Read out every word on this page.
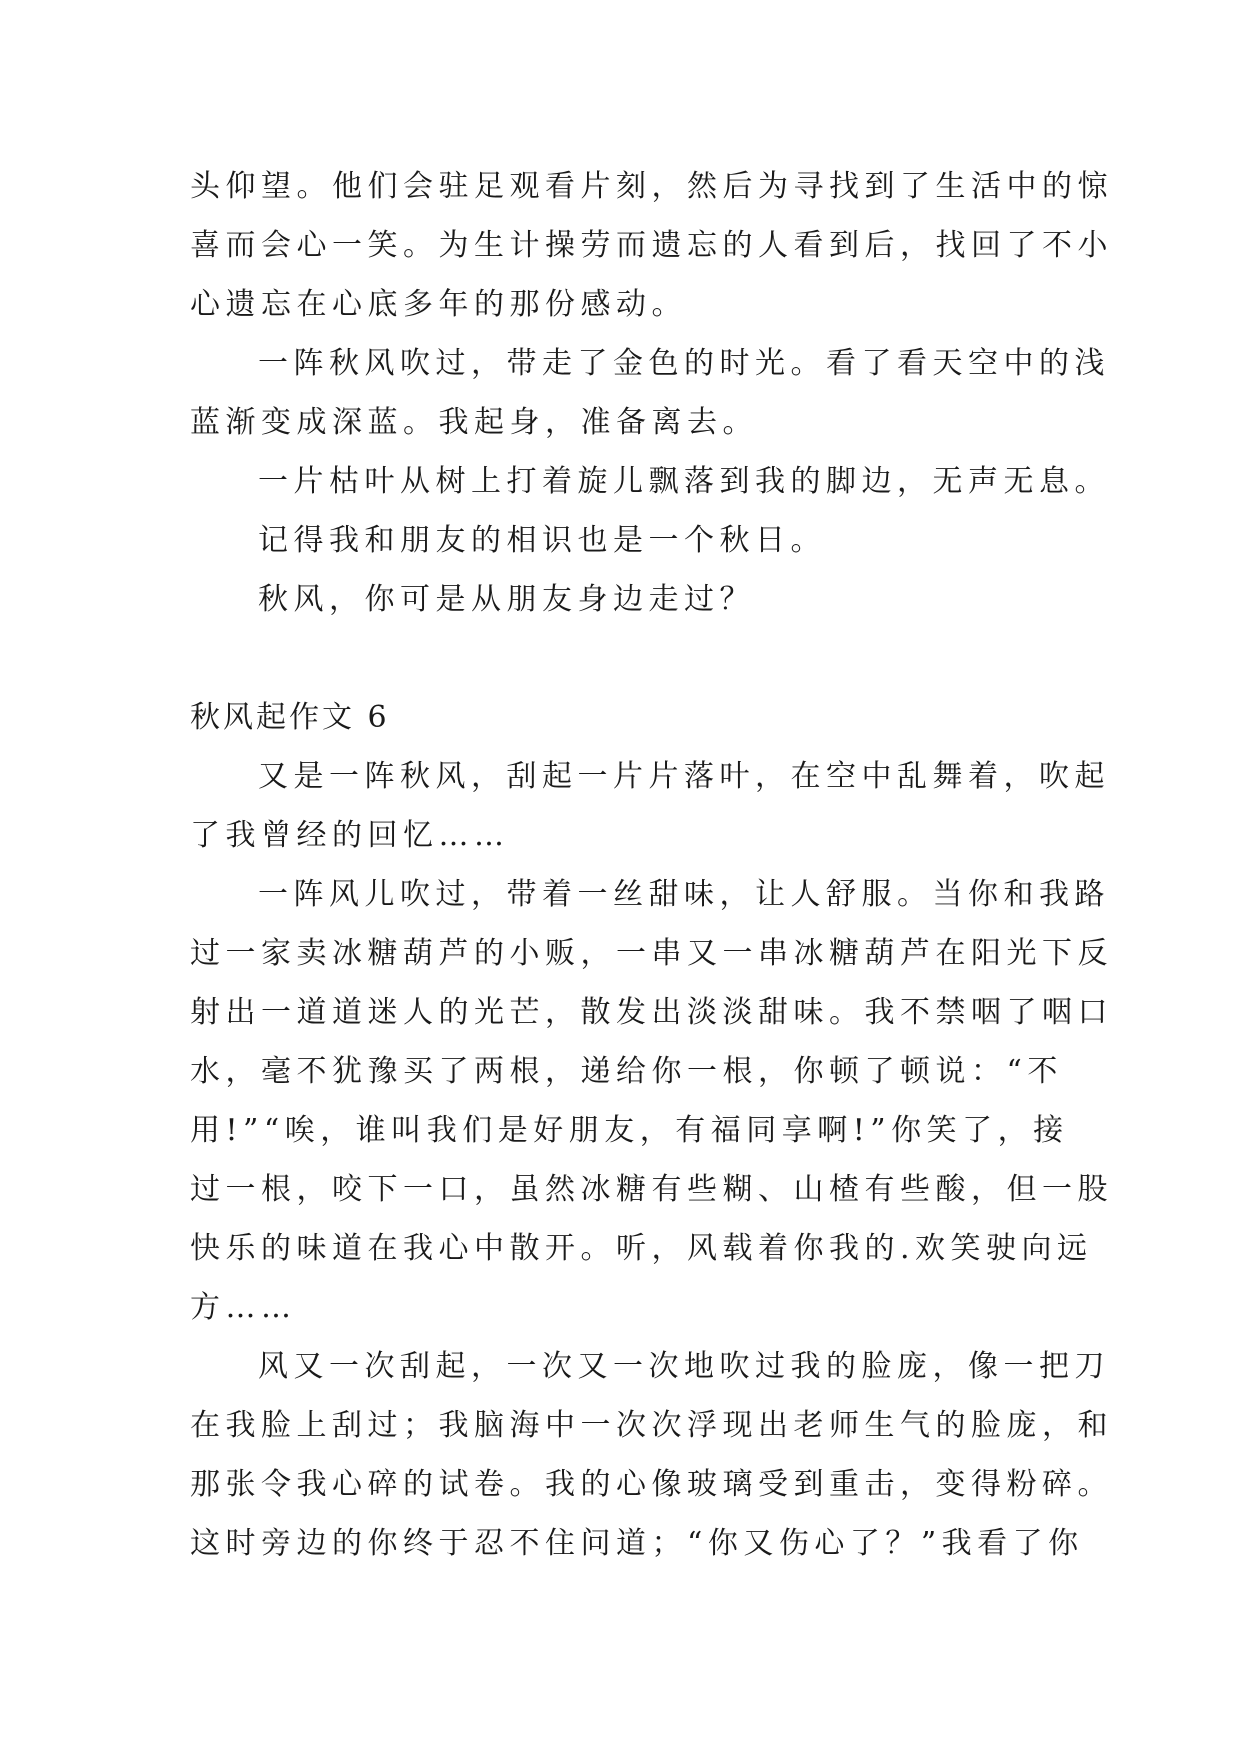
头仰望。他们会驻足观看片刻，然后为寻找到了生活中的惊
喜而会心一笑。为生计操劳而遗忘的人看到后，找回了不小
心遗忘在心底多年的那份感动。
一阵秋风吹过，带走了金色的时光。看了看天空中的浅
蓝渐变成深蓝。我起身，准备离去。
一片枯叶从树上打着旋儿飘落到我的脚边，无声无息。
记得我和朋友的相识也是一个秋日。
秋风，你可是从朋友身边走过？
秋风起作文 6
又是一阵秋风，刮起一片片落叶，在空中乱舞着，吹起
了我曾经的回忆……
一阵风儿吹过，带着一丝甜味，让人舒服。当你和我路
过一家卖冰糖葫芦的小贩，一串又一串冰糖葫芦在阳光下反
射出一道道迷人的光芒，散发出淡淡甜味。我不禁咽了咽口
水，毫不犹豫买了两根，递给你一根，你顿了顿说：“不
用!”“唉，谁叫我们是好朋友，有福同享啊!”你笑了，接
过一根，咬下一口，虽然冰糖有些糊、山楂有些酸，但一股
快乐的味道在我心中散开。听，风载着你我的.欢笑驶向远
方……
风又一次刮起，一次又一次地吹过我的脸庞，像一把刀
在我脸上刮过；我脑海中一次次浮现出老师生气的脸庞，和
那张令我心碎的试卷。我的心像玻璃受到重击，变得粉碎。
这时旁边的你终于忍不住问道；“你又伤心了？”我看了你
